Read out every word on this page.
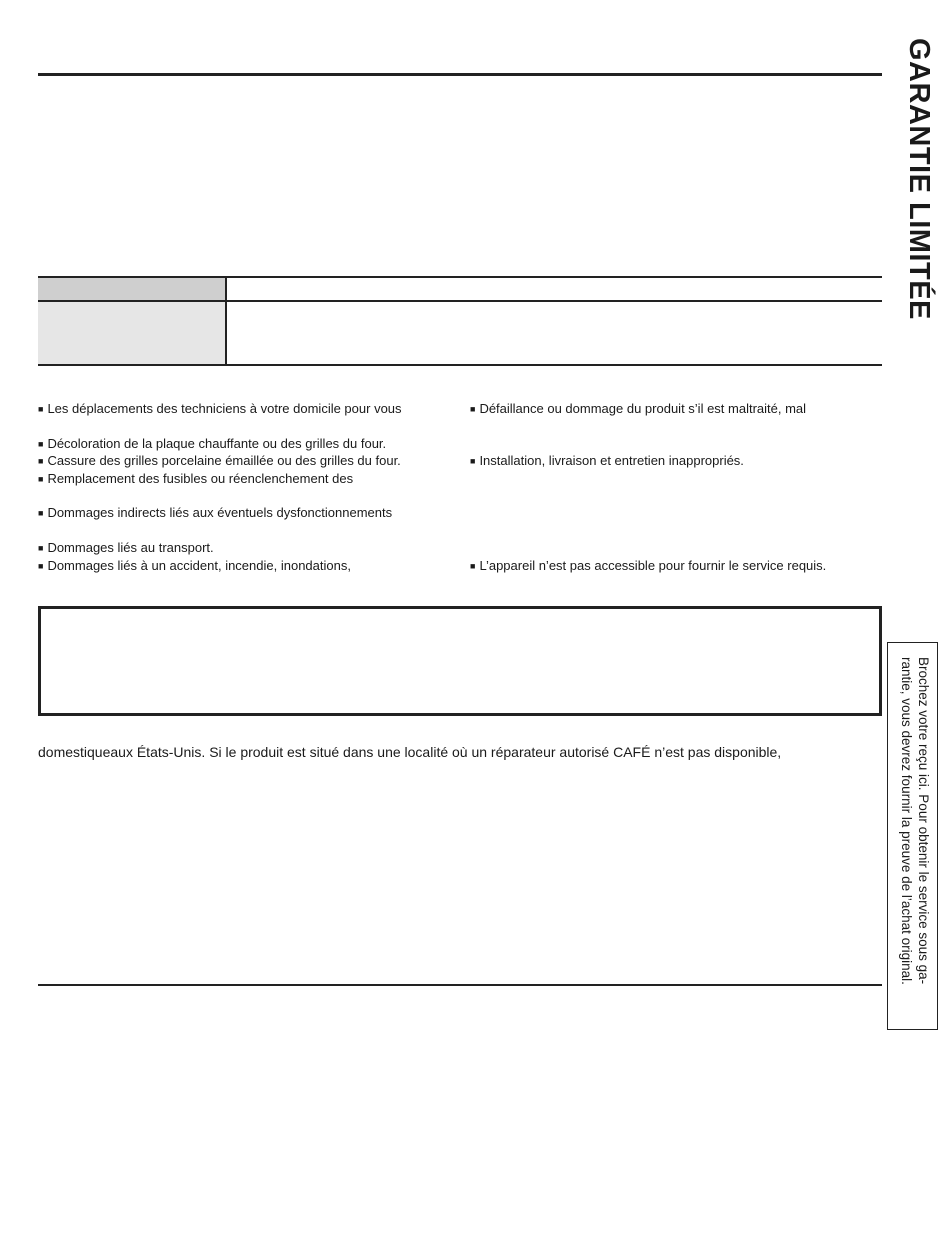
GARANTIE LIMITÉE
■ Les déplacements des techniciens à votre domicile pour vous
■ Décoloration de la plaque chauffante ou des grilles du four.
■ Cassure des grilles porcelaine émaillée ou des grilles du four.
■ Remplacement des fusibles ou réenclenchement des
■ Dommages indirects liés aux éventuels dysfonctionnements
■ Dommages liés au transport.
■ Dommages liés à un accident, incendie, inondations,
■ Défaillance ou dommage du produit s’il est maltraité, mal
■ Installation, livraison et entretien inappropriés.
■ L’appareil n’est pas accessible pour fournir le service requis.
domestiqueaux États-Unis. Si le produit est situé dans une localité où un réparateur autorisé CAFÉ n’est pas disponible,	Brochez votre reçu ici. Pour obtenir le service sous ga-rantie, vous devrez fournir la preuve de l’achat original.
